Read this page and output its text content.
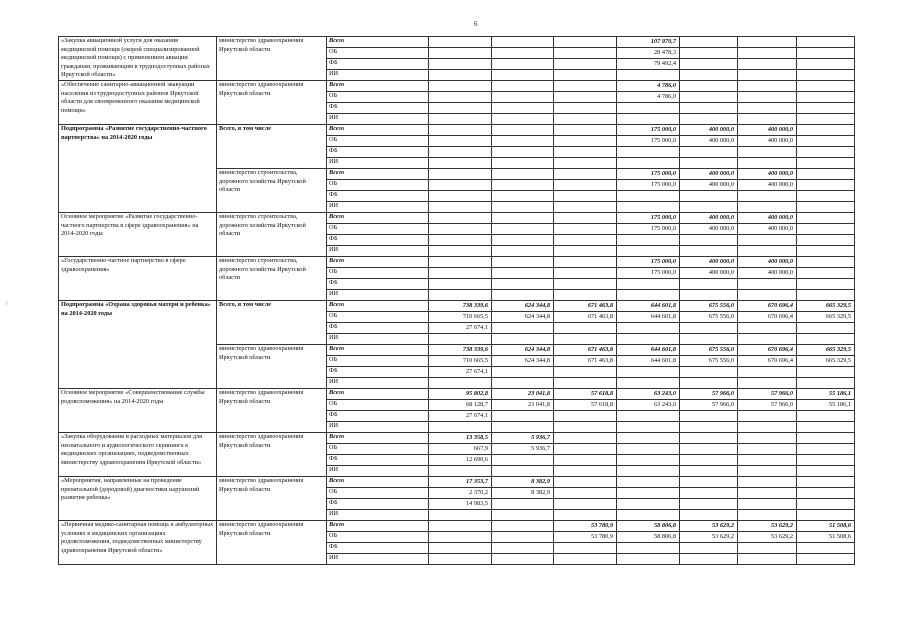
6
;
«Закупка авиационной услуги для оказания медицинской помощи (скорой специализированной медицинской помощи) с применением авиации гражданам, проживающим в труднодоступных районах Иркутской области»	министерство здравоохранения Иркутской области	Всего				107 970,7			
		ОБ				28 478,3			
		ФБ				79 492,4			
		ИИ							
«Обеспечение санитарно-авиационной эвакуации населения из труднодоступных районов Иркутской области для своевременного оказания медицинской помощи»	министерство здравоохранения Иркутской области	Всего				4 786,0			
		ОБ				4 786,0			
		ФБ							
		ИИ							
Подпрограмма «Развитие государственно-частного партнерства» на 2014-2020 годы	Всего, в том числе	Всего				175 000,0	400 000,0	400 000,0	
		ОБ				175 000,0	400 000,0	400 000,0	
		ФБ							
		ИИ							
	министерство строительства, дорожного хозяйства Иркутской области	Всего				175 000,0	400 000,0	400 000,0	
		ОБ				175 000,0	400 000,0	400 000,0	
		ФБ							
		ИИ							
Основное мероприятие «Развитие государственно-частного партнерства в сфере здравоохранения» на 2014-2020 годы	министерство строительства, дорожного хозяйства Иркутской области	Всего				175 000,0	400 000,0	400 000,0	
		ОБ				175 000,0	400 000,0	400 000,0	
		ФБ							
		ИИ							
«Государственно-частное партнерство в сфере здравоохранения»	министерство строительства, дорожного хозяйства Иркутской области	Всего				175 000,0	400 000,0	400 000,0	
		ОБ				175 000,0	400 000,0	400 000,0	
		ФБ							
		ИИ							
Подпрограмма «Охрана здоровья матери и ребенка» на 2014-2020 годы	Всего, в том числе	Всего	738 339,6	624 344,8	671 463,8	644 601,8	675 556,0	670 696,4	665 329,5
		ОБ	710 665,5	624 344,8	671 463,8	644 601,8	675 556,0	670 696,4	665 329,5
		ФБ	27 674,1						
		ИИ							
	министерство здравоохранения Иркутской области	Всего	738 339,6	624 344,8	671 463,8	644 601,8	675 556,0	670 696,4	665 329,5
		ОБ	710 665,5	624 344,8	671 463,8	644 601,8	675 556,0	670 696,4	665 329,5
		ФБ	27 674,1						
		ИИ							
Основное мероприятие «Совершенствование службы родовспоможения» на 2014-2020 годы	министерство здравоохранения Иркутской области	Всего	95 802,8	23 041,8	57 618,8	63 243,0	57 966,0	57 966,0	55 186,1
		ОБ	68 128,7	23 041,8	57 618,8	63 243,0	57 966,0	57 966,0	55 186,1
		ФБ	27 674,1						
		ИИ							
«Закупка оборудования и расходных материалов для неонатального и аудиологического скрининга в медицинских организациях, подведомственных министерству здравоохранения Иркутской области»	министерство здравоохранения Иркутской области	Всего	13 358,5	5 936,7					
		ОБ	667,9	5 936,7					
		ФБ	12 690,6						
		ИИ							
«Мероприятия, направленные на проведение пренатальной (дородовой) диагностики нарушений развития ребенка»	министерство здравоохранения Иркутской области	Всего	17 353,7	8 382,9					
		ОБ	2 370,2	8 382,9					
		ФБ	14 983,5						
		ИИ							
«Первичная медико-санитарная помощь в амбулаторных условиях в медицинских организациях родовспоможения, подведомственных министерству здравоохранения Иркутской области»	министерство здравоохранения Иркутской области	Всего			53 780,9	58 806,8	53 629,2	53 629,2	51 508,6
		ОБ			53 780,9	58 806,8	53 629,2	53 629,2	51 508,6
		ФБ							
		ИИ							
